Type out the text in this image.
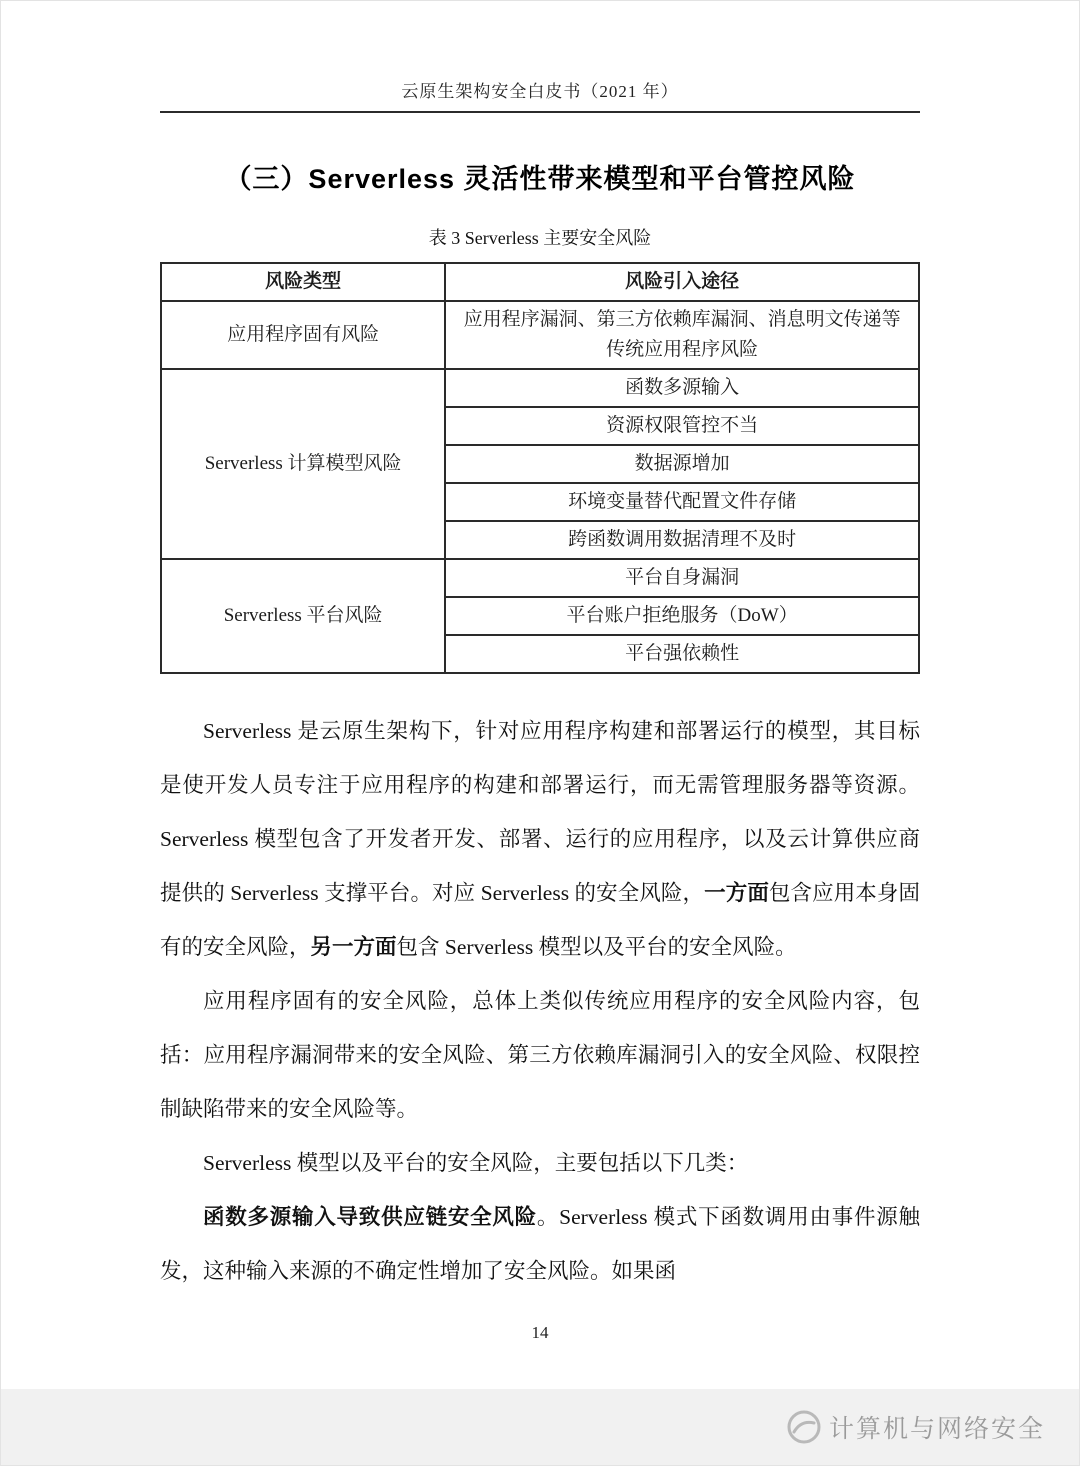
云原生架构安全白皮书（2021 年）
（三）Serverless 灵活性带来模型和平台管控风险
表 3 Serverless 主要安全风险
风险类型	风险引入途径
应用程序固有风险	应用程序漏洞、第三方依赖库漏洞、消息明文传递等传统应用程序风险
Serverless 计算模型风险	函数多源输入
	资源权限管控不当
	数据源增加
	环境变量替代配置文件存储
	跨函数调用数据清理不及时
Serverless 平台风险	平台自身漏洞
	平台账户拒绝服务（DoW）
	平台强依赖性

Serverless 是云原生架构下，针对应用程序构建和部署运行的模型，其目标是使开发人员专注于应用程序的构建和部署运行，而无需管理服务器等资源。Serverless 模型包含了开发者开发、部署、运行的应用程序，以及云计算供应商提供的 Serverless 支撑平台。对应 Serverless 的安全风险，一方面包含应用本身固有的安全风险，另一方面包含 Serverless 模型以及平台的安全风险。

应用程序固有的安全风险，总体上类似传统应用程序的安全风险内容，包括：应用程序漏洞带来的安全风险、第三方依赖库漏洞引入的安全风险、权限控制缺陷带来的安全风险等。

Serverless 模型以及平台的安全风险，主要包括以下几类：

函数多源输入导致供应链安全风险。Serverless 模式下函数调用由事件源触发，这种输入来源的不确定性增加了安全风险。如果函

14
计算机与网络安全
